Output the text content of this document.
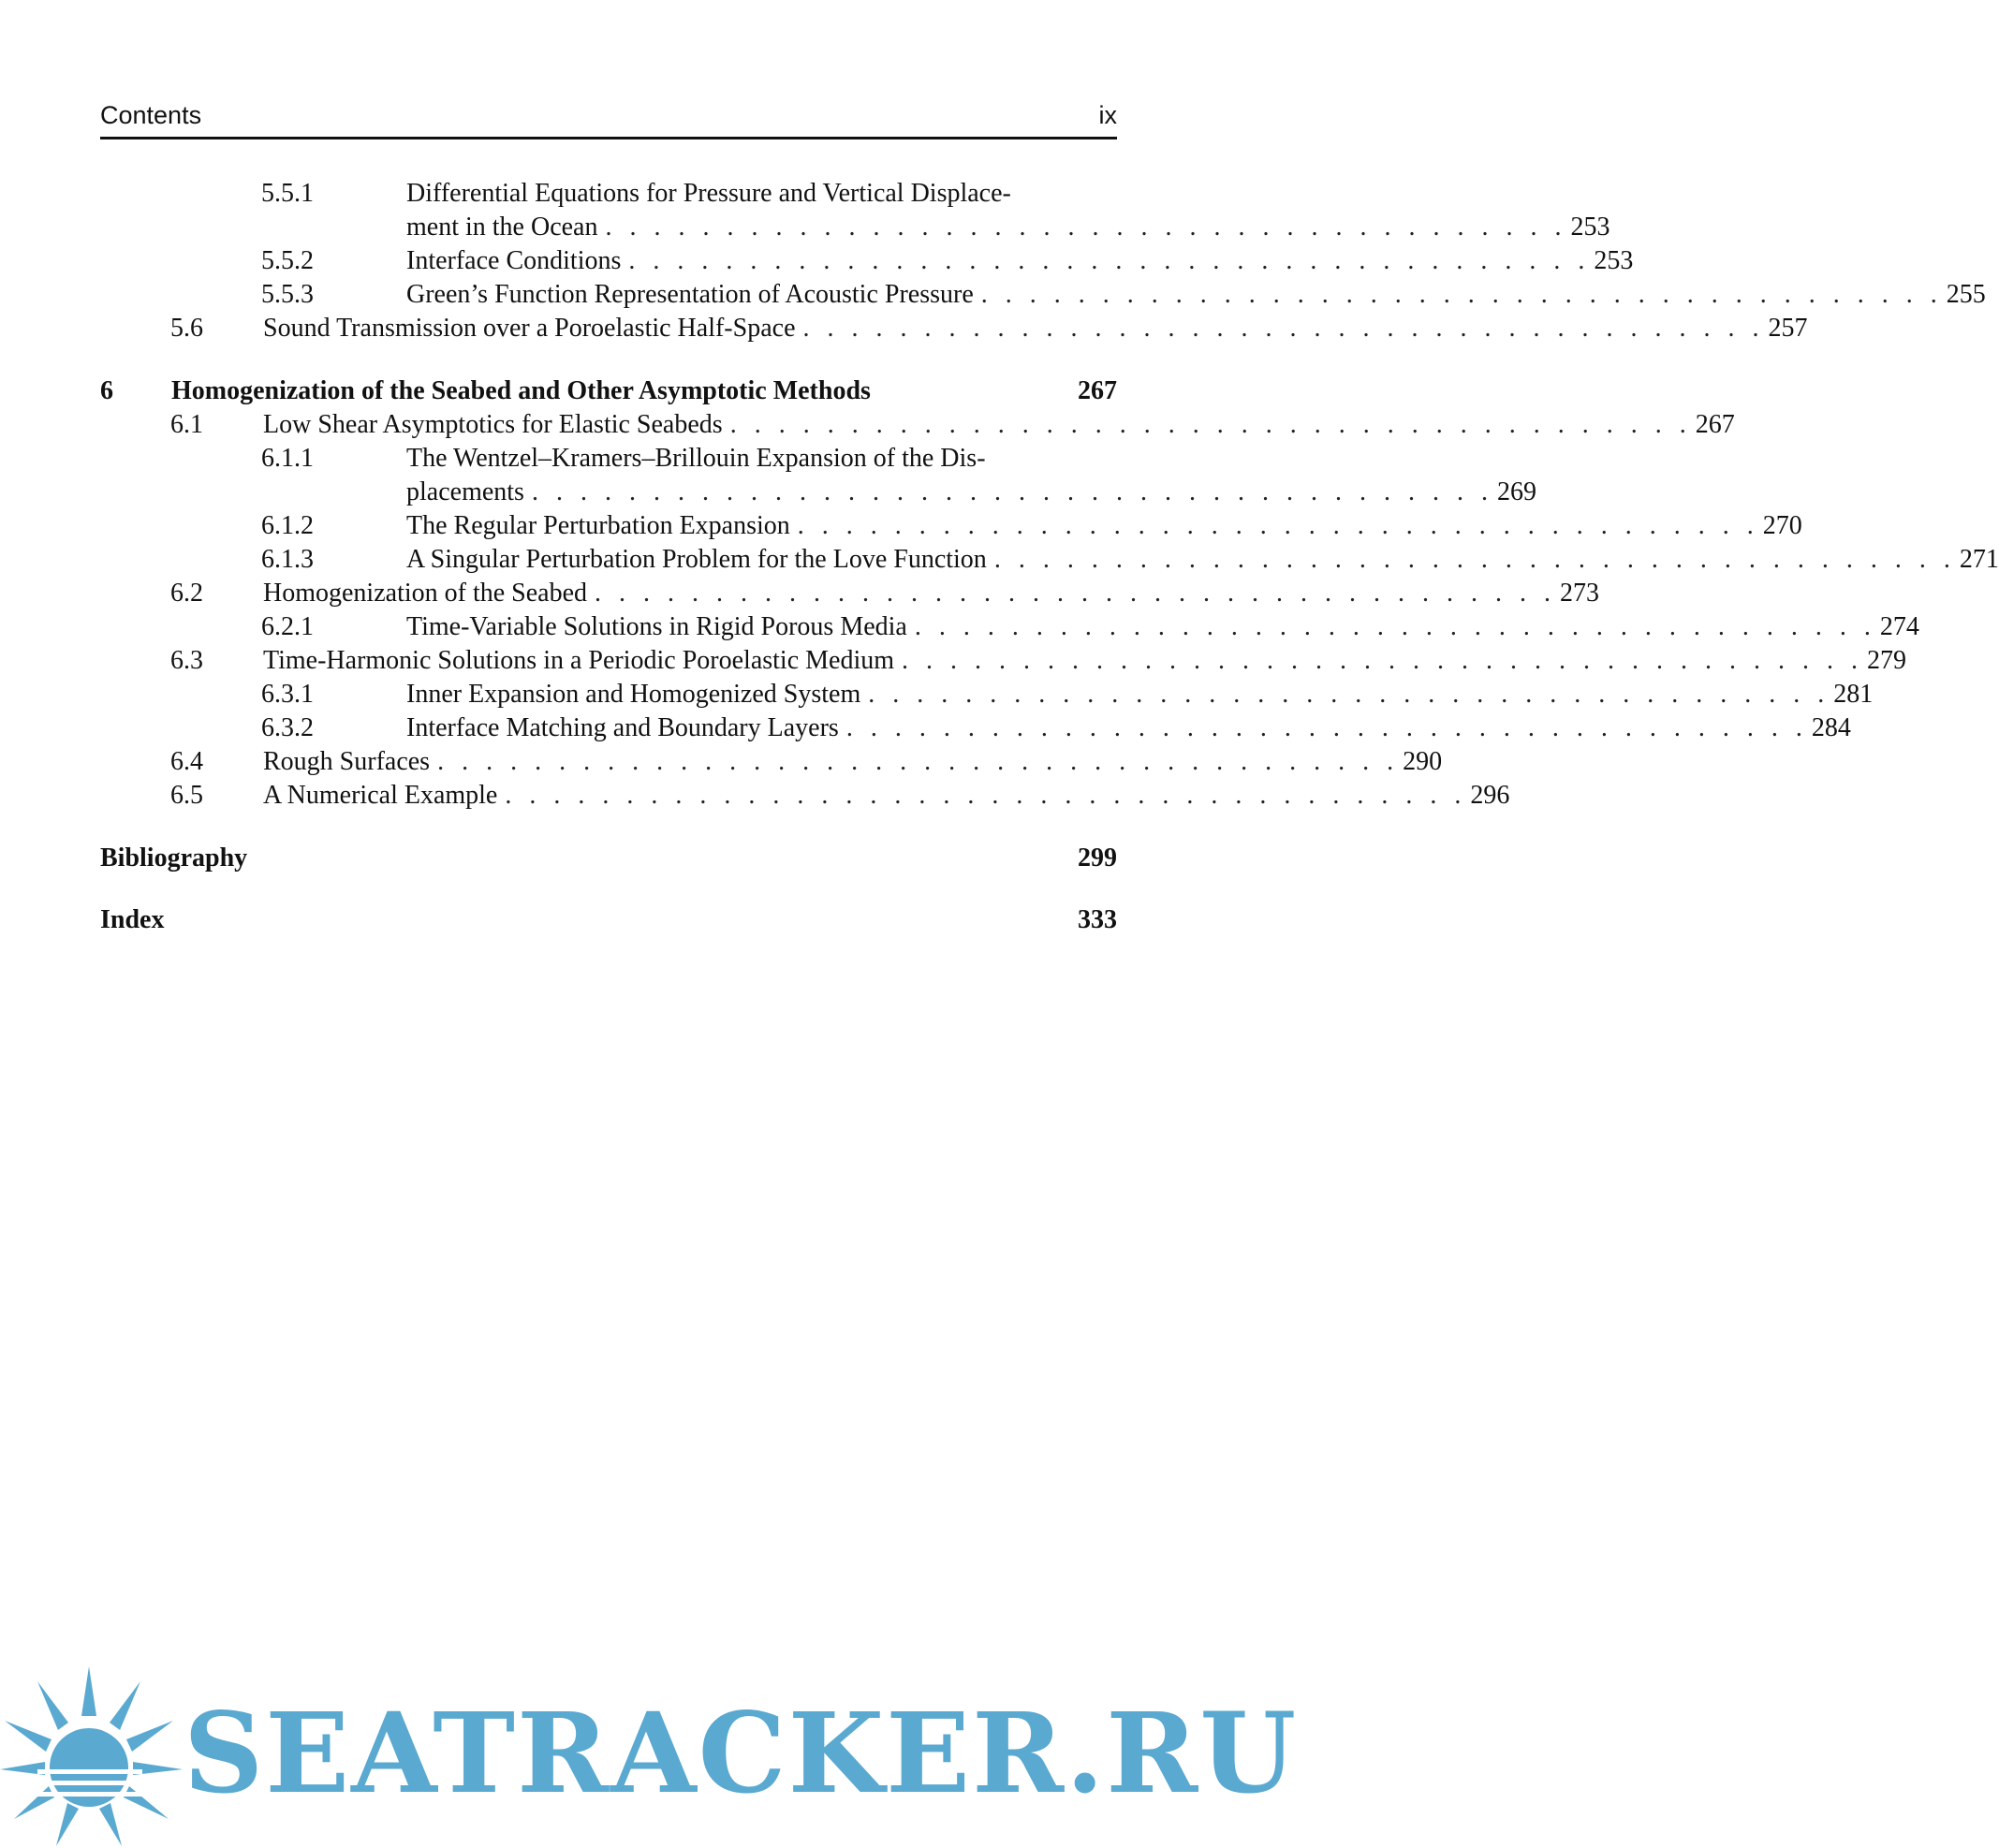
Contents	ix
5.5.1	Differential Equations for Pressure and Vertical Displace-
ment in the Ocean . . . . . . . . . . . . . . . . . . . . . . . . . . . . . . . . . . . . . . . . 253
5.5.2	Interface Conditions . . . . . . . . . . . . . . . . . . . . . . . . . . . . . . . . . . . . . . . . 253
5.5.3	Green’s Function Representation of Acoustic Pressure . . . . . . . . . . . . . . . . . . . . . . . . . . . . . . . . . . . . . . . . 255
5.6 Sound Transmission over a Poroelastic Half-Space . . . . . . . . . . . . . . . . . . . . . . . . . . . . . . . . . . . . . . . . 257
6 Homogenization of the Seabed and Other Asymptotic Methods	267
6.1 Low Shear Asymptotics for Elastic Seabeds . . . . . . . . . . . . . . . . . . . . . . . . . . . . . . . . . . . . . . . . 267
6.1.1	The Wentzel–Kramers–Brillouin Expansion of the Dis-
placements . . . . . . . . . . . . . . . . . . . . . . . . . . . . . . . . . . . . . . . . 269
6.1.2	The Regular Perturbation Expansion . . . . . . . . . . . . . . . . . . . . . . . . . . . . . . . . . . . . . . . . 270
6.1.3	A Singular Perturbation Problem for the Love Function . . . . . . . . . . . . . . . . . . . . . . . . . . . . . . . . . . . . . . . . 271
6.2 Homogenization of the Seabed . . . . . . . . . . . . . . . . . . . . . . . . . . . . . . . . . . . . . . . . 273
6.2.1	Time-Variable Solutions in Rigid Porous Media . . . . . . . . . . . . . . . . . . . . . . . . . . . . . . . . . . . . . . . . 274
6.3 Time-Harmonic Solutions in a Periodic Poroelastic Medium . . . . . . . . . . . . . . . . . . . . . . . . . . . . . . . . . . . . . . . . 279
6.3.1	Inner Expansion and Homogenized System . . . . . . . . . . . . . . . . . . . . . . . . . . . . . . . . . . . . . . . . 281
6.3.2	Interface Matching and Boundary Layers . . . . . . . . . . . . . . . . . . . . . . . . . . . . . . . . . . . . . . . . 284
6.4 Rough Surfaces . . . . . . . . . . . . . . . . . . . . . . . . . . . . . . . . . . . . . . . . 290
6.5 A Numerical Example . . . . . . . . . . . . . . . . . . . . . . . . . . . . . . . . . . . . . . . . 296
Bibliography	299
Index	333
SEATRACKER.RU
